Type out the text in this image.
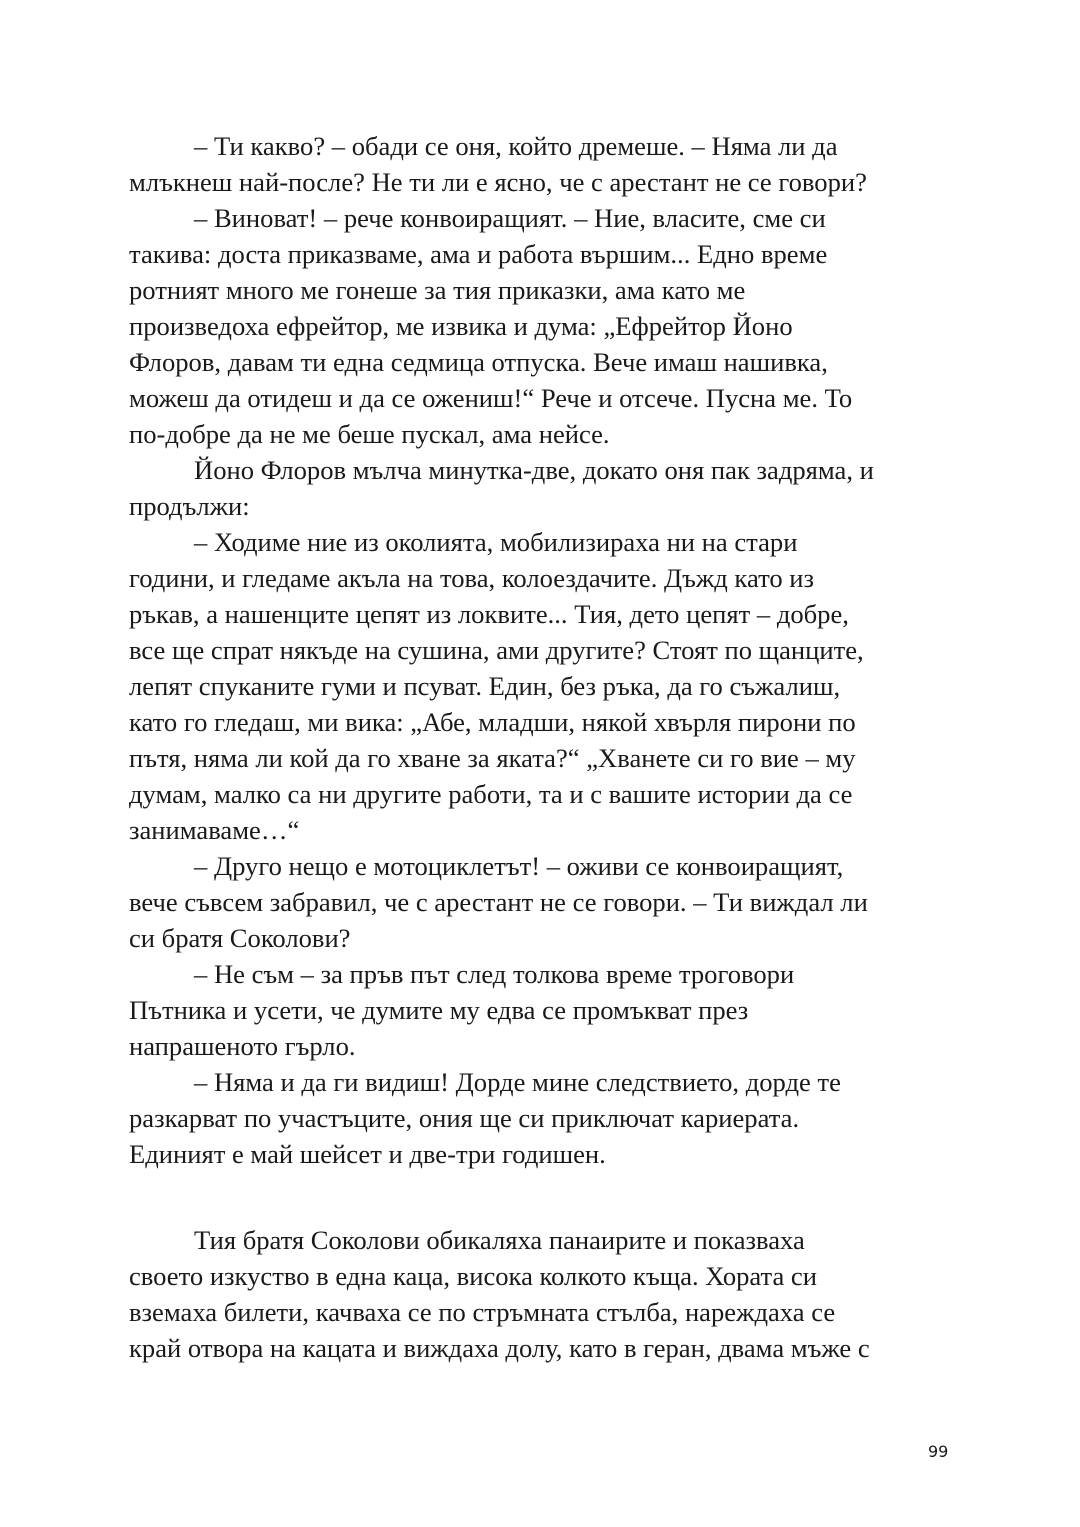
– Ти какво? – обади се оня, който дремеше. – Няма ли да
млъкнеш най-после? Не ти ли е ясно, че с арестант не се говори?
– Виноват! – рече конвоиращият. – Ние, власите, сме си
такива: доста приказваме, ама и работа вършим... Едно време
ротният много ме гонеше за тия приказки, ама като ме
произведоха ефрейтор, ме извика и дума: „Ефрейтор Йоно
Флоров, давам ти една седмица отпуска. Вече имаш нашивка,
можеш да отидеш и да се ожениш!“ Рече и отсече. Пусна ме. То
по-добре да не ме беше пускал, ама нейсе.
Йоно Флоров мълча минутка-две, докато оня пак задряма, и
продължи:
– Ходиме ние из околията, мобилизираха ни на стари
години, и гледаме акъла на това, колоездачите. Дъжд като из
ръкав, а нашенците цепят из локвите... Тия, дето цепят – добре,
все ще спрат някъде на сушина, ами другите? Стоят по щанците,
лепят спуканите гуми и псуват. Един, без ръка, да го съжалиш,
като го гледаш, ми вика: „Абе, младши, някой хвърля пирони по
пътя, няма ли кой да го хване за яката?“ „Хванете си го вие – му
думам, малко са ни другите работи, та и с вашите истории да се
занимаваме…“
– Друго нещо е мотоциклетът! – оживи се конвоиращият,
вече съвсем забравил, че с арестант не се говори. – Ти виждал ли
си братя Соколови?
– Не съм – за пръв път след толкова време троговори
Пътника и усети, че думите му едва се промъкват през
напрашеното гърло.
– Няма и да ги видиш! Дорде мине следствието, дорде те
разкарват по участъците, ония ще си приключат кариерата.
Единият е май шейсет и две-три годишен.
Тия братя Соколови обикаляха панаирите и показваха
своето изкуство в една каца, висока колкото къща. Хората си
вземаха билети, качваха се по стръмната стълба, нареждаха се
край отвора на кацата и виждаха долу, като в геран, двама мъже с
99
